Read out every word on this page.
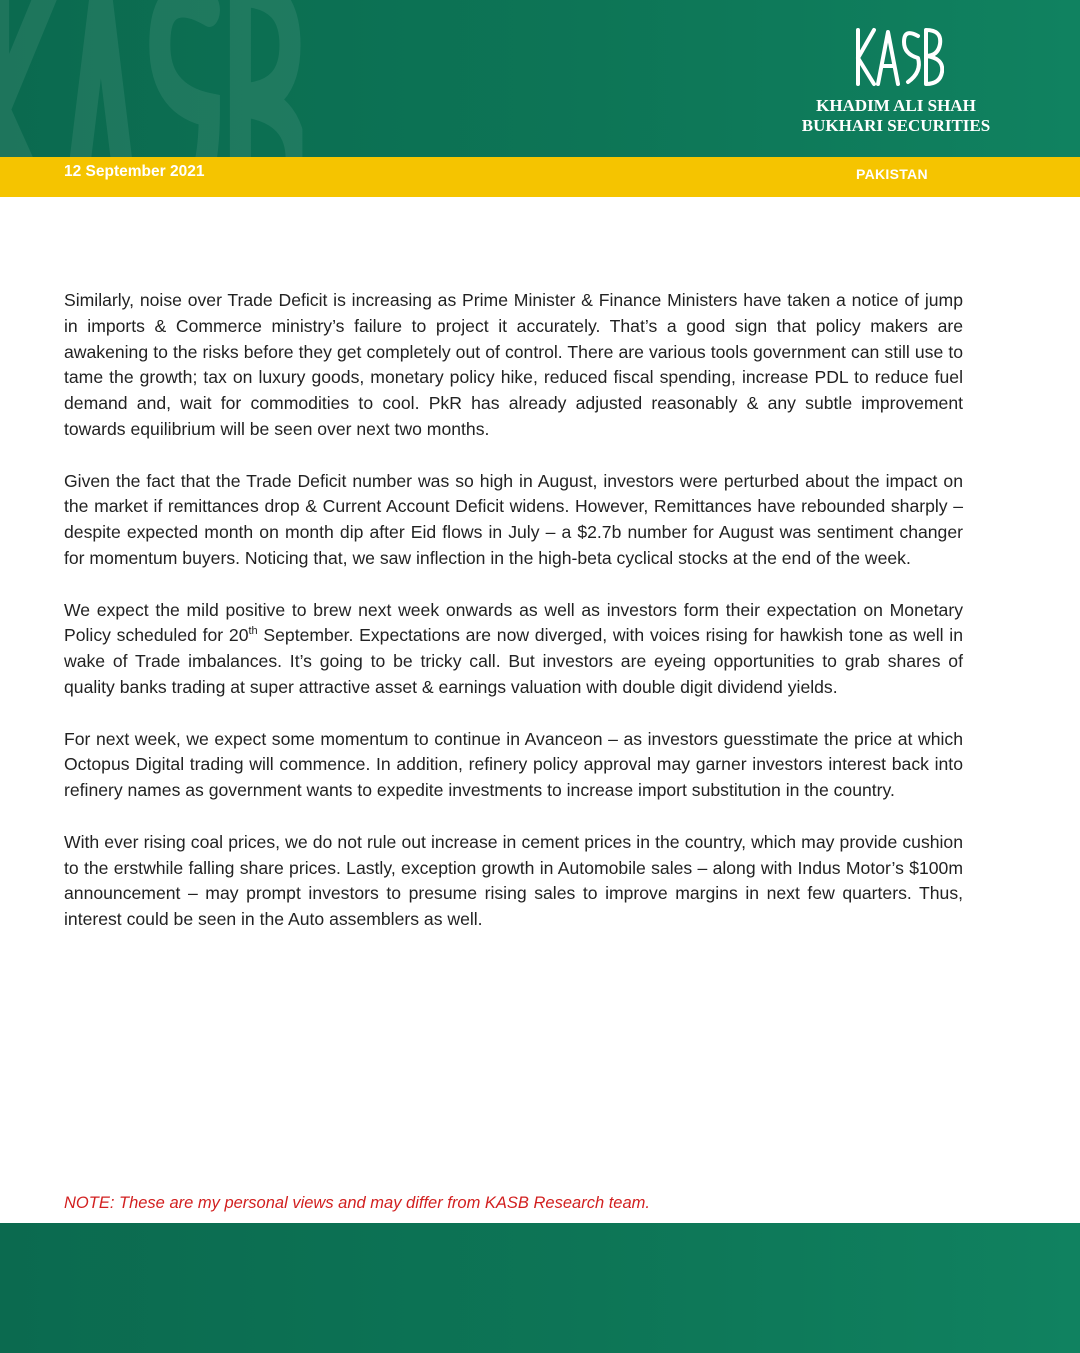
KHADIM ALI SHAH
BUKHARI SECURITIES
12 September 2021	PAKISTAN

Similarly, noise over Trade Deficit is increasing as Prime Minister & Finance Ministers have taken a notice of jump in imports & Commerce ministry’s failure to project it accurately. That’s a good sign that policy makers are awakening to the risks before they get completely out of control. There are various tools government can still use to tame the growth; tax on luxury goods, monetary policy hike, reduced fiscal spending, increase PDL to reduce fuel demand and, wait for commodities to cool. PkR has already adjusted reasonably & any subtle improvement towards equilibrium will be seen over next two months.

Given the fact that the Trade Deficit number was so high in August, investors were perturbed about the impact on the market if remittances drop & Current Account Deficit widens. However, Remittances have rebounded sharply – despite expected month on month dip after Eid flows in July – a $2.7b number for August was sentiment changer for momentum buyers. Noticing that, we saw inflection in the high-beta cyclical stocks at the end of the week.

We expect the mild positive to brew next week onwards as well as investors form their expectation on Monetary Policy scheduled for 20th September. Expectations are now diverged, with voices rising for hawkish tone as well in wake of Trade imbalances. It’s going to be tricky call. But investors are eyeing opportunities to grab shares of quality banks trading at super attractive asset & earnings valuation with double digit dividend yields.

For next week, we expect some momentum to continue in Avanceon – as investors guesstimate the price at which Octopus Digital trading will commence. In addition, refinery policy approval may garner investors interest back into refinery names as government wants to expedite investments to increase import substitution in the country.

With ever rising coal prices, we do not rule out increase in cement prices in the country, which may provide cushion to the erstwhile falling share prices. Lastly, exception growth in Automobile sales – along with Indus Motor’s $100m announcement – may prompt investors to presume rising sales to improve margins in next few quarters. Thus, interest could be seen in the Auto assemblers as well.

NOTE: These are my personal views and may differ from KASB Research team.
